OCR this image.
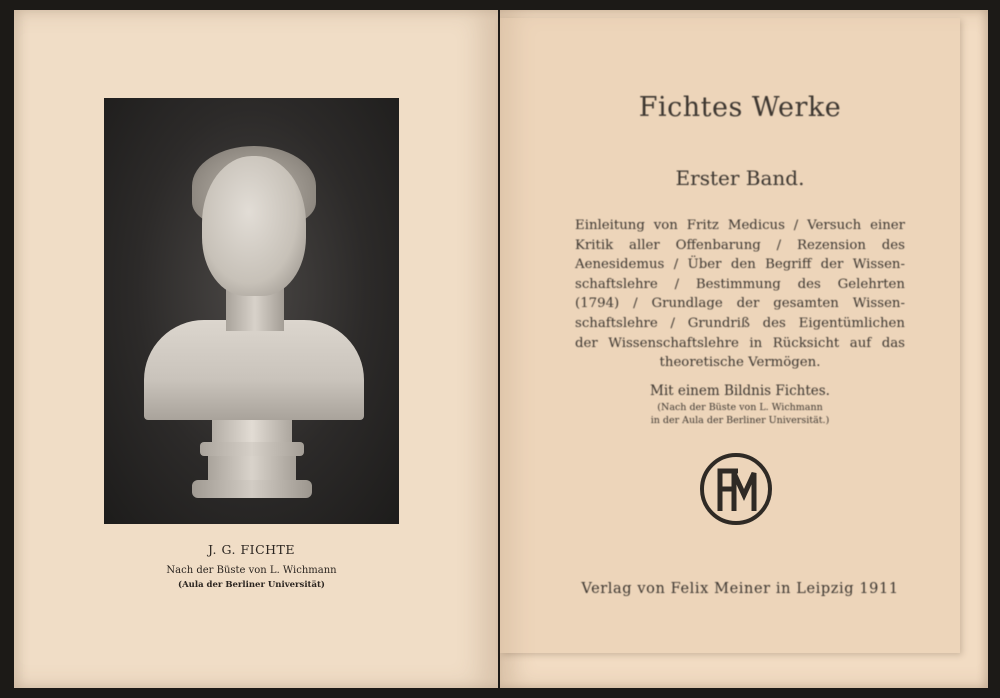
J. G. FICHTE
Nach der Büste von L. Wichmann
(Aula der Berliner Universität)
Fichtes Werke
Erster Band.
Einleitung von Fritz Medicus / Versuch einer
Kritik aller Offenbarung / Rezension des
Aenesidemus / Über den Begriff der Wissen-
schaftslehre / Bestimmung des Gelehrten
(1794) / Grundlage der gesamten Wissen-
schaftslehre / Grundriß des Eigentümlichen
der Wissenschaftslehre in Rücksicht auf das
theoretische Vermögen.
Mit einem Bildnis Fichtes.
(Nach der Büste von L. Wichmann
in der Aula der Berliner Universität.)
Verlag von Felix Meiner in Leipzig 1911
